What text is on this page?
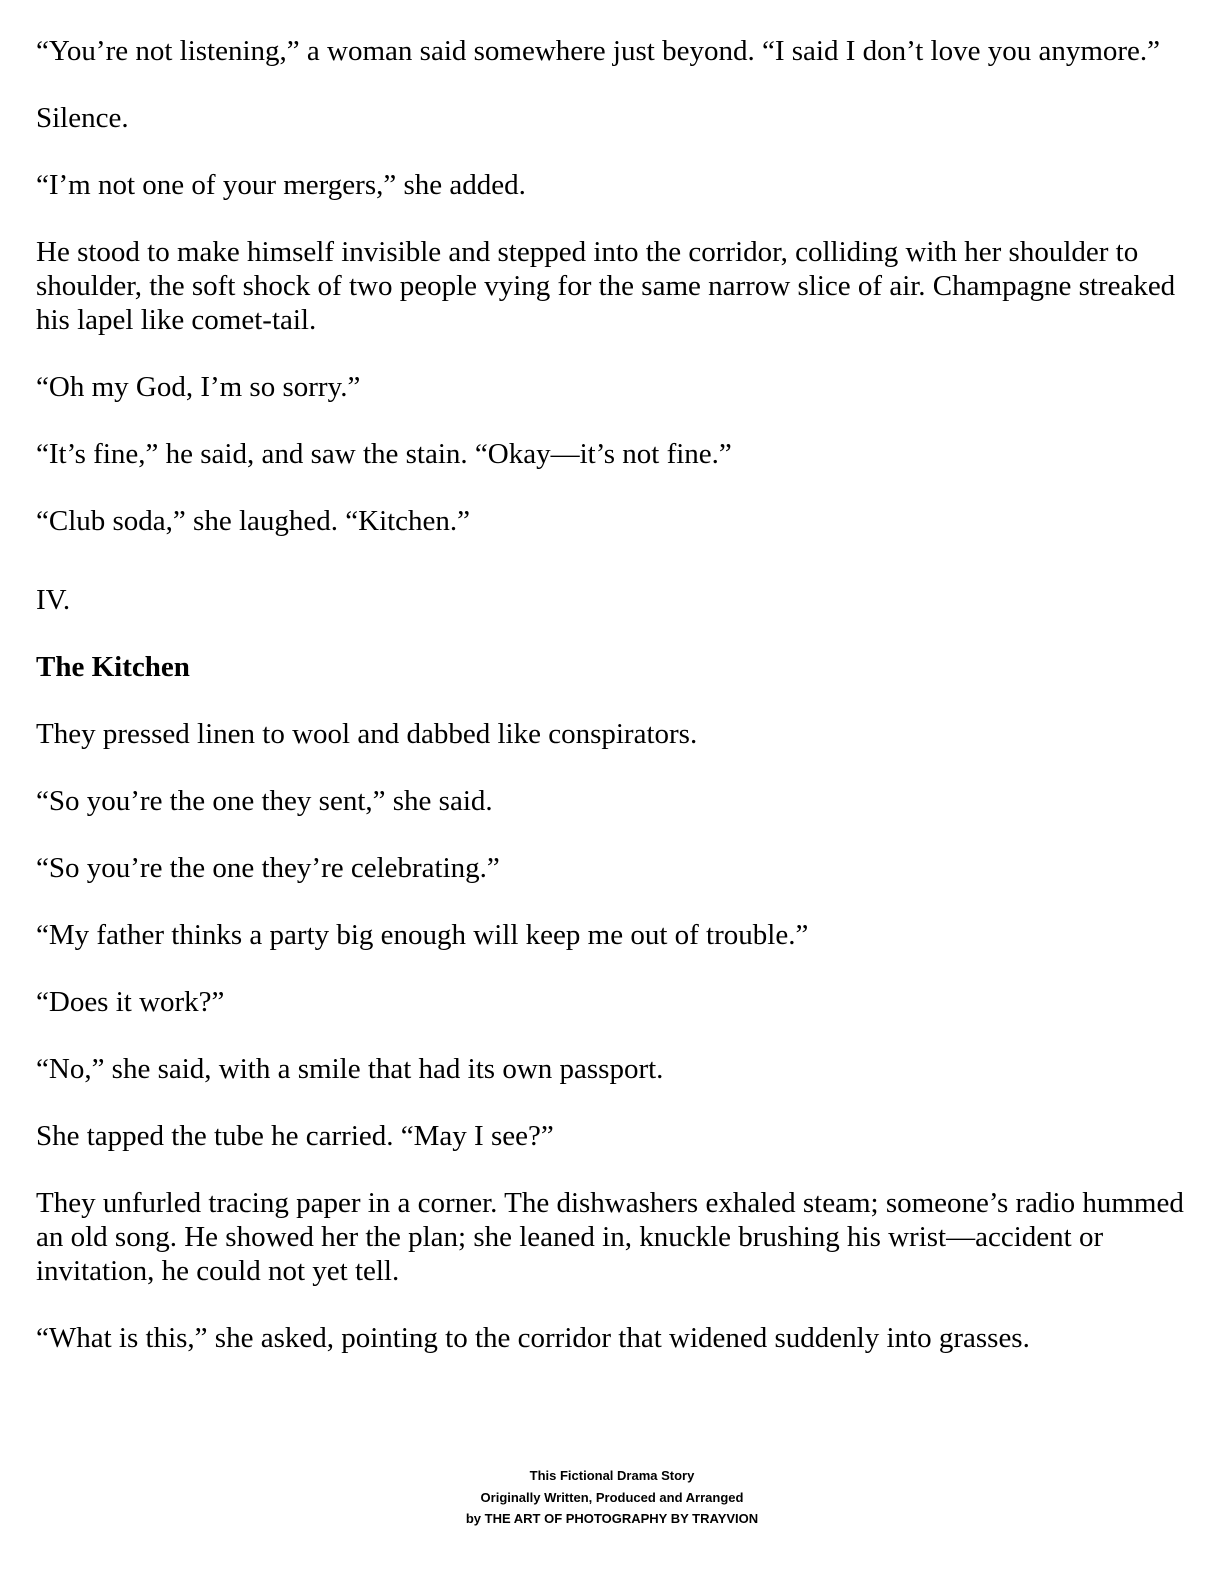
“You’re not listening,” a woman said somewhere just beyond. “I said I don’t love you anymore.”

Silence.

“I’m not one of your mergers,” she added.

He stood to make himself invisible and stepped into the corridor, colliding with her shoulder to shoulder, the soft shock of two people vying for the same narrow slice of air. Champagne streaked his lapel like comet-tail.

“Oh my God, I’m so sorry.”

“It’s fine,” he said, and saw the stain. “Okay—it’s not fine.”

“Club soda,” she laughed. “Kitchen.”

IV.

The Kitchen

They pressed linen to wool and dabbed like conspirators.

“So you’re the one they sent,” she said.

“So you’re the one they’re celebrating.”

“My father thinks a party big enough will keep me out of trouble.”

“Does it work?”

“No,” she said, with a smile that had its own passport.

She tapped the tube he carried. “May I see?”

They unfurled tracing paper in a corner. The dishwashers exhaled steam; someone’s radio hummed an old song. He showed her the plan; she leaned in, knuckle brushing his wrist—accident or invitation, he could not yet tell.

“What is this,” she asked, pointing to the corridor that widened suddenly into grasses.

This Fictional Drama Story
Originally Written, Produced and Arranged
by THE ART OF PHOTOGRAPHY BY TRAYVION
